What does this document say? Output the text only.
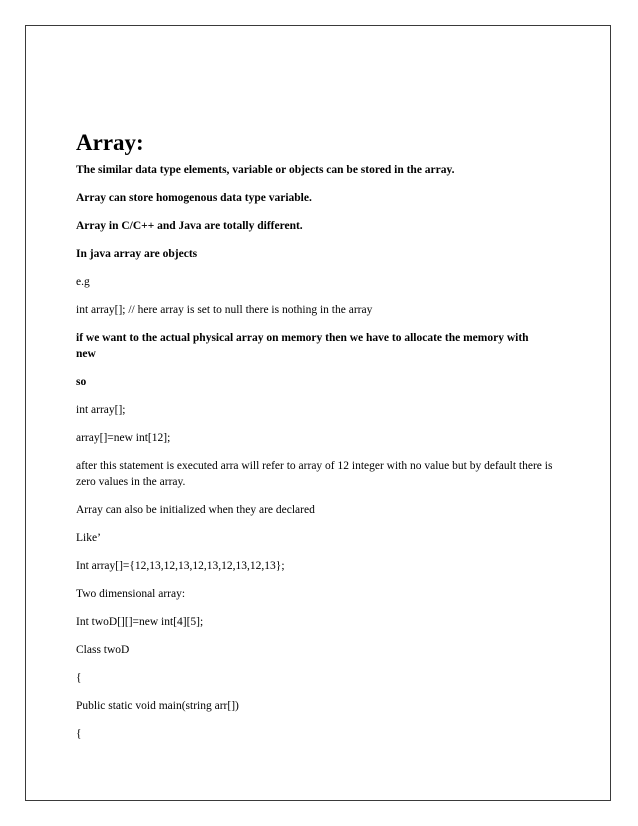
Array:

The similar data type elements, variable or objects can be stored in the array.

Array can store homogenous data type variable.

Array in C/C++ and Java are totally different.

In java array are objects

e.g

int array[]; // here array is set to null there is nothing in the array

if we want to the actual physical array on memory then we have to allocate the memory with new

so

int array[];

array[]=new int[12];

after this statement is executed arra will refer to array of 12 integer with no value but by default there is zero values in the array.

Array can also be initialized when they are declared

Like’

Int array[]={12,13,12,13,12,13,12,13,12,13};

Two dimensional array:

Int twoD[][]=new int[4][5];

Class twoD

{

Public static void main(string arr[])

{
